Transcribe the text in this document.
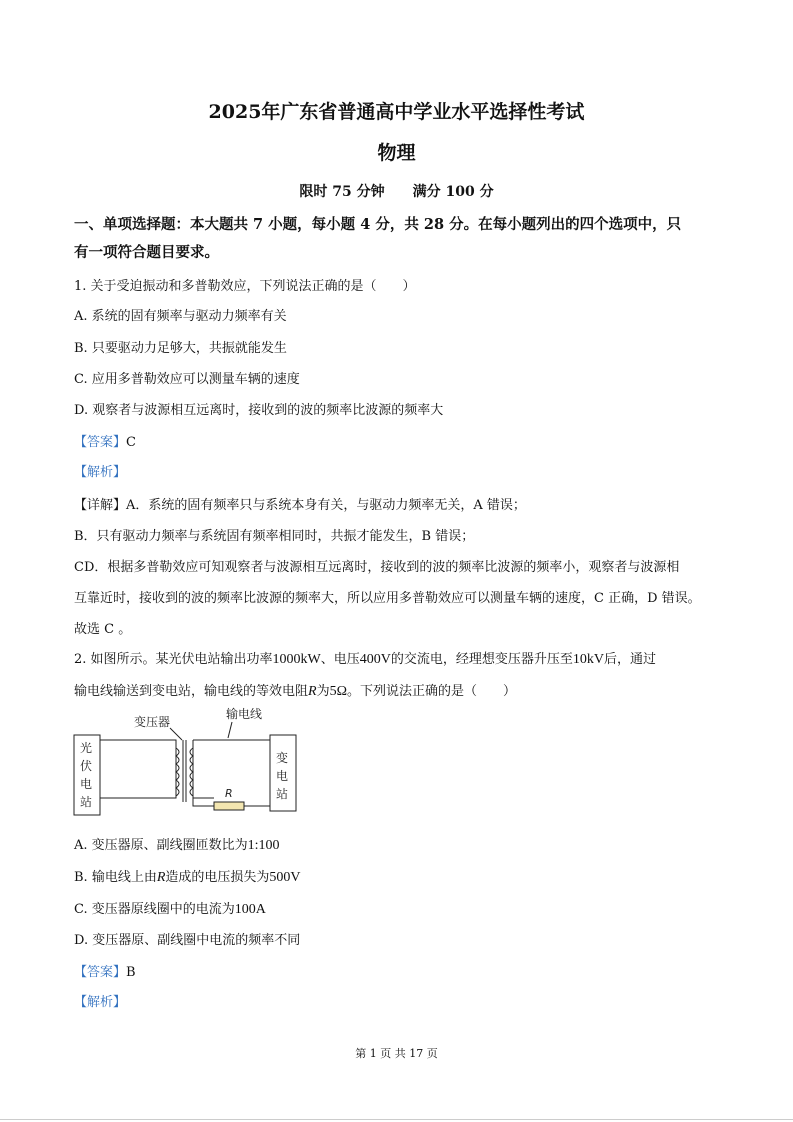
2025年广东省普通高中学业水平选择性考试
物理
限时 75 分钟 满分 100 分
一、单项选择题：本大题共 7 小题，每小题 4 分，共 28 分。在每小题列出的四个选项中，只
有一项符合题目要求。
1. 关于受迫振动和多普勒效应，下列说法正确的是（　　）
A. 系统的固有频率与驱动力频率有关
B. 只要驱动力足够大，共振就能发生
C. 应用多普勒效应可以测量车辆的速度
D. 观察者与波源相互远离时，接收到的波的频率比波源的频率大
【答案】C
【解析】
【详解】A．系统的固有频率只与系统本身有关，与驱动力频率无关，A 错误；
B．只有驱动力频率与系统固有频率相同时，共振才能发生，B 错误；
CD．根据多普勒效应可知观察者与波源相互远离时，接收到的波的频率比波源的频率小，观察者与波源相
互靠近时，接收到的波的频率比波源的频率大，所以应用多普勒效应可以测量车辆的速度，C 正确，D 错误。
故选 C 。
2. 如图所示。某光伏电站输出功率1000kW、电压400V的交流电，经理想变压器升压至10kV后，通过
输电线输送到变电站，输电线的等效电阻R为5Ω。下列说法正确的是（　　）
变压器
输电线
R
光
伏
电
站
变
电
站
A. 变压器原、副线圈匝数比为1:100
B. 输电线上由R造成的电压损失为500V
C. 变压器原线圈中的电流为100A
D. 变压器原、副线圈中电流的频率不同
【答案】B
【解析】
第 1 页 共 17 页
